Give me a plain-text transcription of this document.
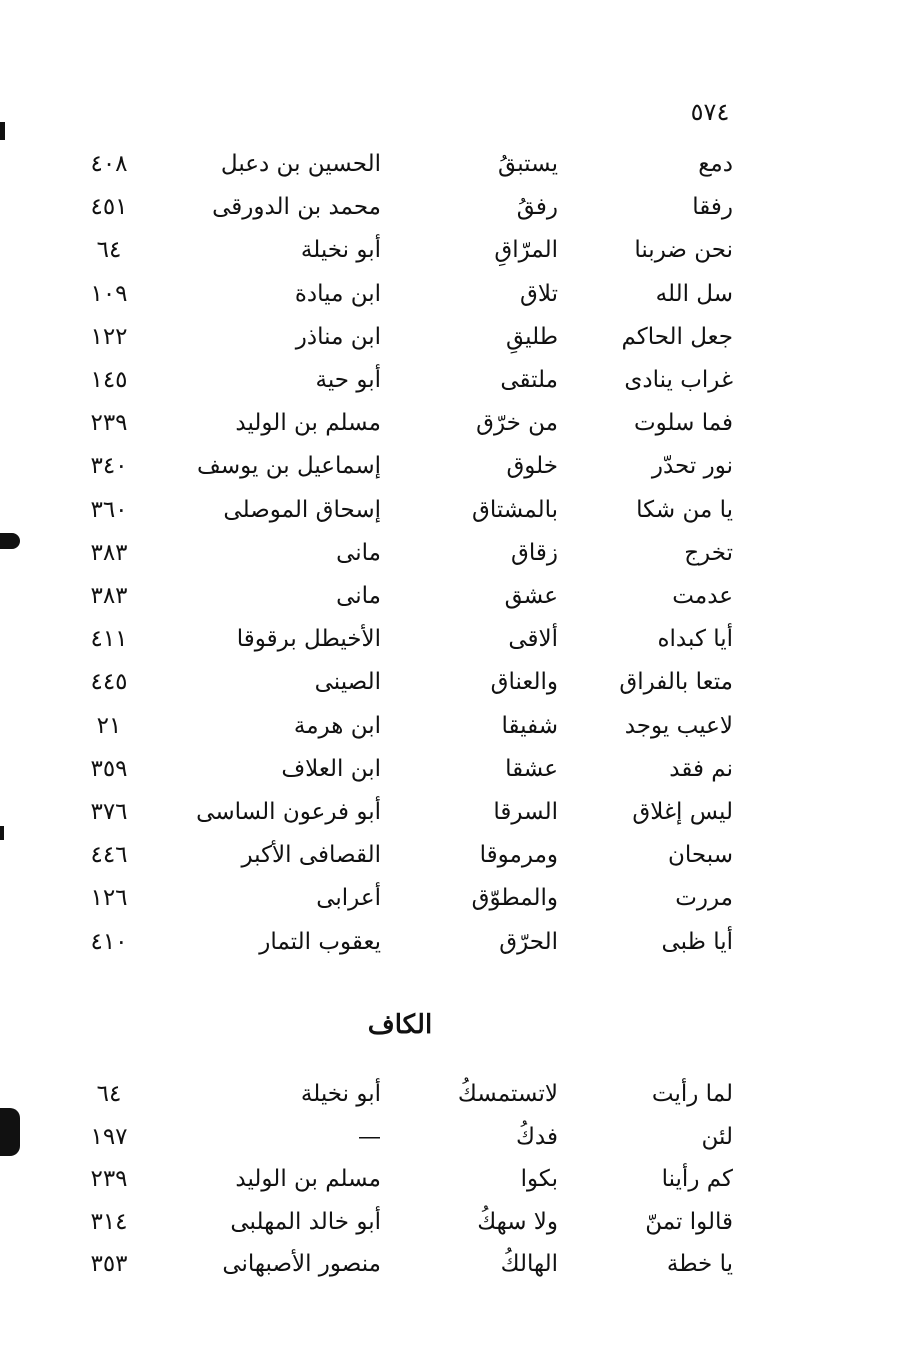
٥٧٤
دمع
يستبقُ
الحسين بن دعبل
٤٠٨
رفقا
رفقُ
محمد بن الدورقى
٤٥١
نحن ضربنا
المرّاقِ
أبو نخيلة
٦٤
سل الله
تلاق
ابن ميادة
١٠٩
جعل الحاكم
طليقِ
ابن مناذر
١٢٢
غراب ينادى
ملتقى
أبو حية
١٤٥
فما سلوت
من خرّق
مسلم بن الوليد
٢٣٩
نور تحدّر
خلوق
إسماعيل بن يوسف
٣٤٠
يا من شكا
بالمشتاق
إسحاق الموصلى
٣٦٠
تخرج
زقاق
مانى
٣٨٣
عدمت
عشق
مانى
٣٨٣
أيا كبداه
ألاقى
الأخيطل برقوقا
٤١١
متعا بالفراق
والعناق
الصينى
٤٤٥
لاعيب يوجد
شفيقا
ابن هرمة
٢١
نم فقد
عشقا
ابن العلاف
٣٥٩
ليس إغلاق
السرقا
أبو فرعون الساسى
٣٧٦
سبحان
ومرموقا
القصافى الأكبر
٤٤٦
مررت
والمطوّق
أعرابى
١٢٦
أيا ظبى
الحرّق
يعقوب التمار
٤١٠
الكاف
لما رأيت
لاتستمسكُ
أبو نخيلة
٦٤
لئن
فدكُ
—
١٩٧
كم رأينا
بكوا
مسلم بن الوليد
٢٣٩
قالوا تمنّ
ولا سهكُ
أبو خالد المهلبى
٣١٤
يا خطة
الهالكُ
منصور الأصبهانى
٣٥٣
